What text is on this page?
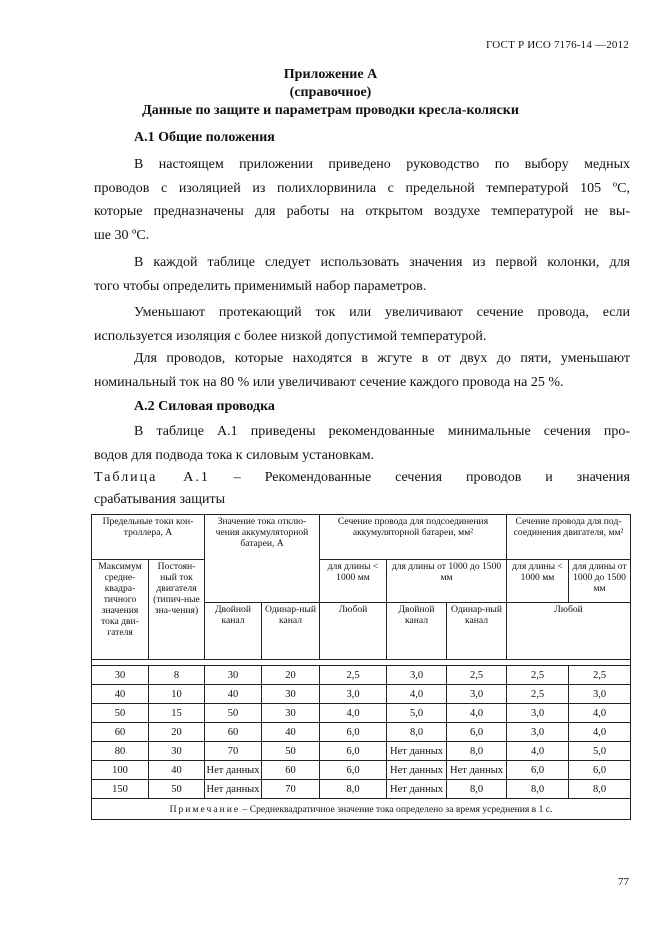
ГОСТ Р ИСО 7176-14 —2012
Приложение А
(справочное)
Данные по защите и параметрам проводки кресла-коляски
А.1 Общие положения
В настоящем приложении приведено руководство по выбору медных
проводов с изоляцией из полихлорвинила с предельной температурой 105 ºC,
которые предназначены для работы на открытом воздухе температурой не вы-
ше 30 ºC.
В каждой таблице следует использовать значения из первой колонки, для
того чтобы определить применимый набор параметров.
Уменьшают протекающий ток или увеличивают сечение провода, если
используется изоляция с более низкой допустимой температурой.
Для проводов, которые находятся в жгуте в от двух до пяти, уменьшают
номинальный ток на 80 % или увеличивают сечение каждого провода на 25 %.
А.2 Силовая проводка
В таблице А.1 приведены рекомендованные минимальные сечения про-
водов для подвода тока к силовым установкам.
Таблица А.1 – Рекомендованные сечения проводов и значения
срабатывания защиты
Предельные токи кон-троллера, А		Значение тока отклю-чения аккумуляторной батареи, А		Сечение провода для подсоединения аккумуляторной батареи, мм²			Сечение провода для под-соединения двигателя, мм²	
Максимум средне-квадра-тичного значения тока дви-гателя	Постоян-ный ток двигателя (типич-ные зна-чения)			для длины < 1000 мм	для длины от 1000 до 1500 мм		для длины < 1000 мм	для длины от 1000 до 1500 мм
		Двойной канал	Одинар-ный канал	Любой	Двойной канал	Одинар-ный канал	Любой	

30	8	30	20	2,5	3,0	2,5	2,5	2,5
40	10	40	30	3,0	4,0	3,0	2,5	3,0
50	15	50	30	4,0	5,0	4,0	3,0	4,0
60	20	60	40	6,0	8,0	6,0	3,0	4,0
80	30	70	50	6,0	Нет данных	8,0	4,0	5,0
100	40	Нет данных	60	6,0	Нет данных	Нет данных	6,0	6,0
150	50	Нет данных	70	8,0	Нет данных	8,0	8,0	8,0
Примечание – Среднеквадратичное значение тока определено за время усреднения в 1 с.								
77
